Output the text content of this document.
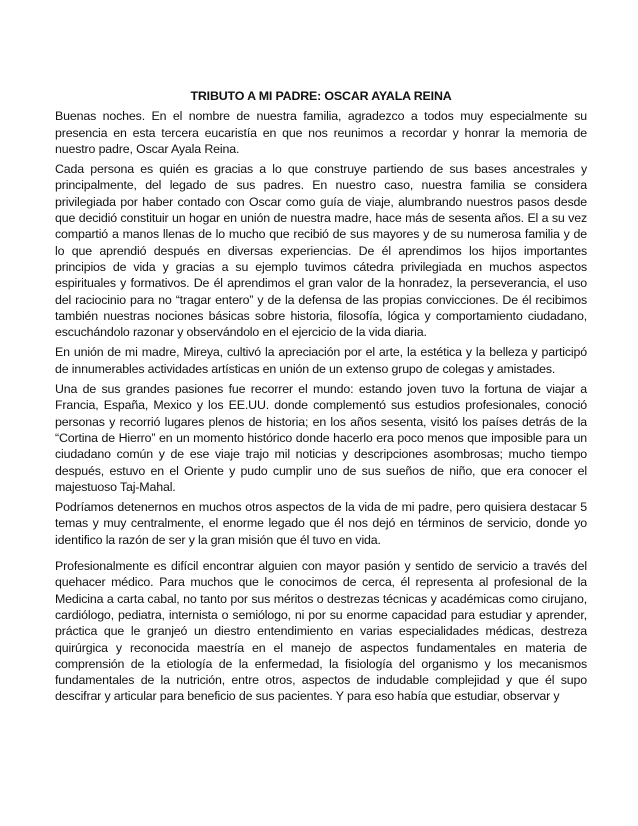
TRIBUTO A MI PADRE: OSCAR AYALA REINA

Buenas noches. En el nombre de nuestra familia, agradezco a todos muy especialmente su presencia en esta tercera eucaristía en que nos reunimos a recordar y honrar la memoria de nuestro padre, Oscar Ayala Reina.

Cada persona es quién es gracias a lo que construye partiendo de sus bases ancestrales y principalmente, del legado de sus padres. En nuestro caso, nuestra familia se considera privilegiada por haber contado con Oscar como guía de viaje, alumbrando nuestros pasos desde que decidió constituir un hogar en unión de nuestra madre, hace más de sesenta años. El a su vez compartió a manos llenas de lo mucho que recibió de sus mayores y de su numerosa familia y de lo que aprendió después en diversas experiencias. De él aprendimos los hijos importantes principios de vida y gracias a su ejemplo tuvimos cátedra privilegiada en muchos aspectos espirituales y formativos. De él aprendimos el gran valor de la honradez, la perseverancia, el uso del raciocinio para no “tragar entero” y de la defensa de las propias convicciones. De él recibimos también nuestras nociones básicas sobre historia, filosofía, lógica y comportamiento ciudadano, escuchándolo razonar y observándolo en el ejercicio de la vida diaria.

En unión de mi madre, Mireya, cultivó la apreciación por el arte, la estética y la belleza y participó de innumerables actividades artísticas en unión de un extenso grupo de colegas y amistades.

Una de sus grandes pasiones fue recorrer el mundo: estando joven tuvo la fortuna de viajar a Francia, España, Mexico y los EE.UU. donde complementó sus estudios profesionales, conoció personas y recorrió lugares plenos de historia; en los años sesenta, visitó los países detrás de la “Cortina de Hierro” en un momento histórico donde hacerlo era poco menos que imposible para un ciudadano común y de ese viaje trajo mil noticias y descripciones asombrosas; mucho tiempo después, estuvo en el Oriente y pudo cumplir uno de sus sueños de niño, que era conocer el majestuoso Taj-Mahal.

Podríamos detenernos en muchos otros aspectos de la vida de mi padre, pero quisiera destacar 5 temas y muy centralmente, el enorme legado que él nos dejó en términos de servicio, donde yo identifico la razón de ser y la gran misión que él tuvo en vida.

Profesionalmente es difícil encontrar alguien con mayor pasión y sentido de servicio a través del quehacer médico. Para muchos que le conocimos de cerca, él representa al profesional de la Medicina a carta cabal, no tanto por sus méritos o destrezas técnicas y académicas como cirujano, cardiólogo, pediatra, internista o semiólogo, ni por su enorme capacidad para estudiar y aprender, práctica que le granjeó un diestro entendimiento en varias especialidades médicas, destreza quirúrgica y reconocida maestría en el manejo de aspectos fundamentales en materia de comprensión de la etiología de la enfermedad, la fisiología del organismo y los mecanismos fundamentales de la nutrición, entre otros, aspectos de indudable complejidad y que él supo descifrar y articular para beneficio de sus pacientes. Y para eso había que estudiar, observar y
